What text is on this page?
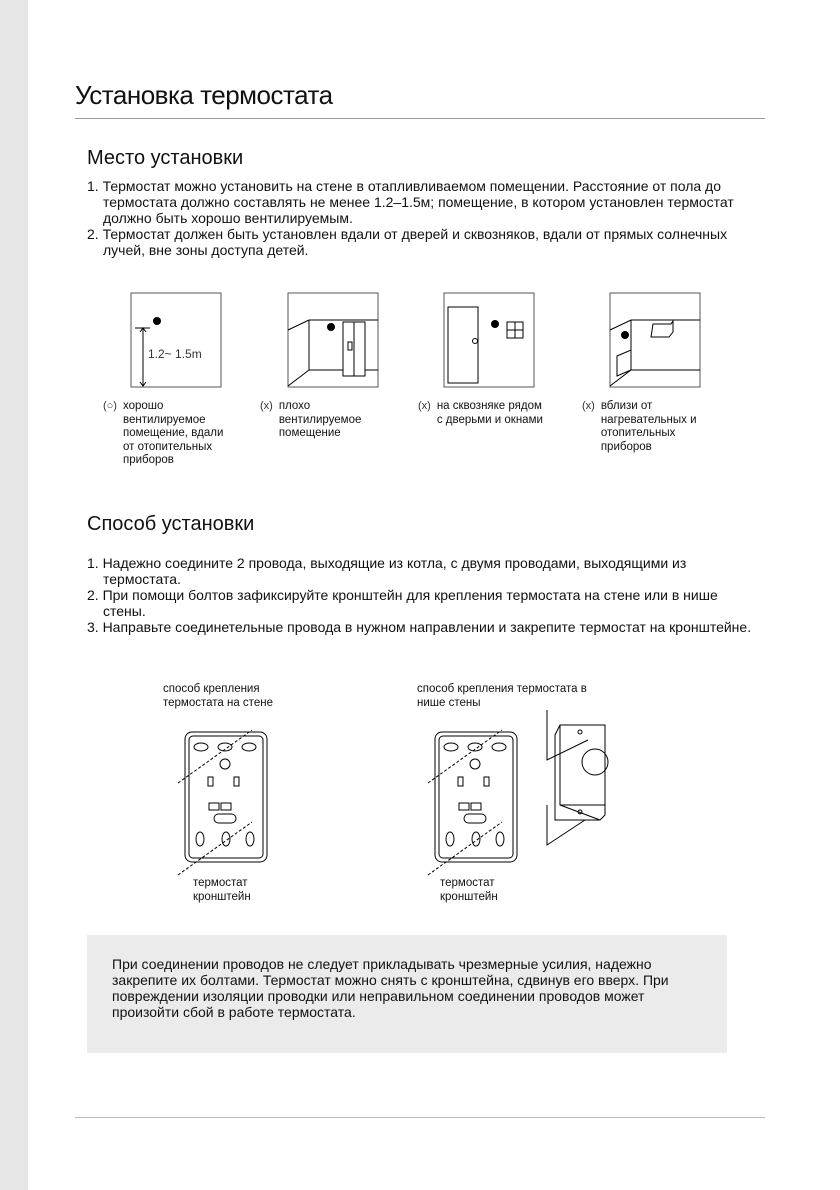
Установка термостата
Место установки
1. Термостат можно установить на стене в отапливливаемом помещении. Расстояние от пола до термостата должно составлять не менее 1.2–1.5м; помещение, в котором установлен термостат должно быть хорошо вентилируемым.
2. Термостат должен быть установлен вдали от дверей и сквозняков, вдали от прямых солнечных лучей, вне зоны доступа детей.
1.2~ 1.5m
(○) хорошо вентилируемое помещение, вдали от отопительных приборов
(x) плохо вентилируемое помещение
(x) на сквозняке рядом с дверьми и окнами
(x) вблизи от нагревательных и отопительных приборов
Способ установки
1. Надежно соедините 2 провода, выходящие из котла, с двумя проводами, выходящими из термостата.
2. При помощи болтов зафиксируйте кронштейн для крепления термостата на стене или в нише стены.
3. Направьте соединетельные провода в нужном направлении и закрепите термостат на кронштейне.
способ крепления термостата на стене
способ крепления термостата в нише стены
термостат кронштейн
термостат кронштейн

При соединении проводов не следует прикладывать чрезмерные усилия, надежно закрепите их болтами. Термостат можно снять с кронштейна, сдвинув его вверх. При повреждении изоляции проводки или неправильном соединении проводов может произойти сбой в работе термостата.
